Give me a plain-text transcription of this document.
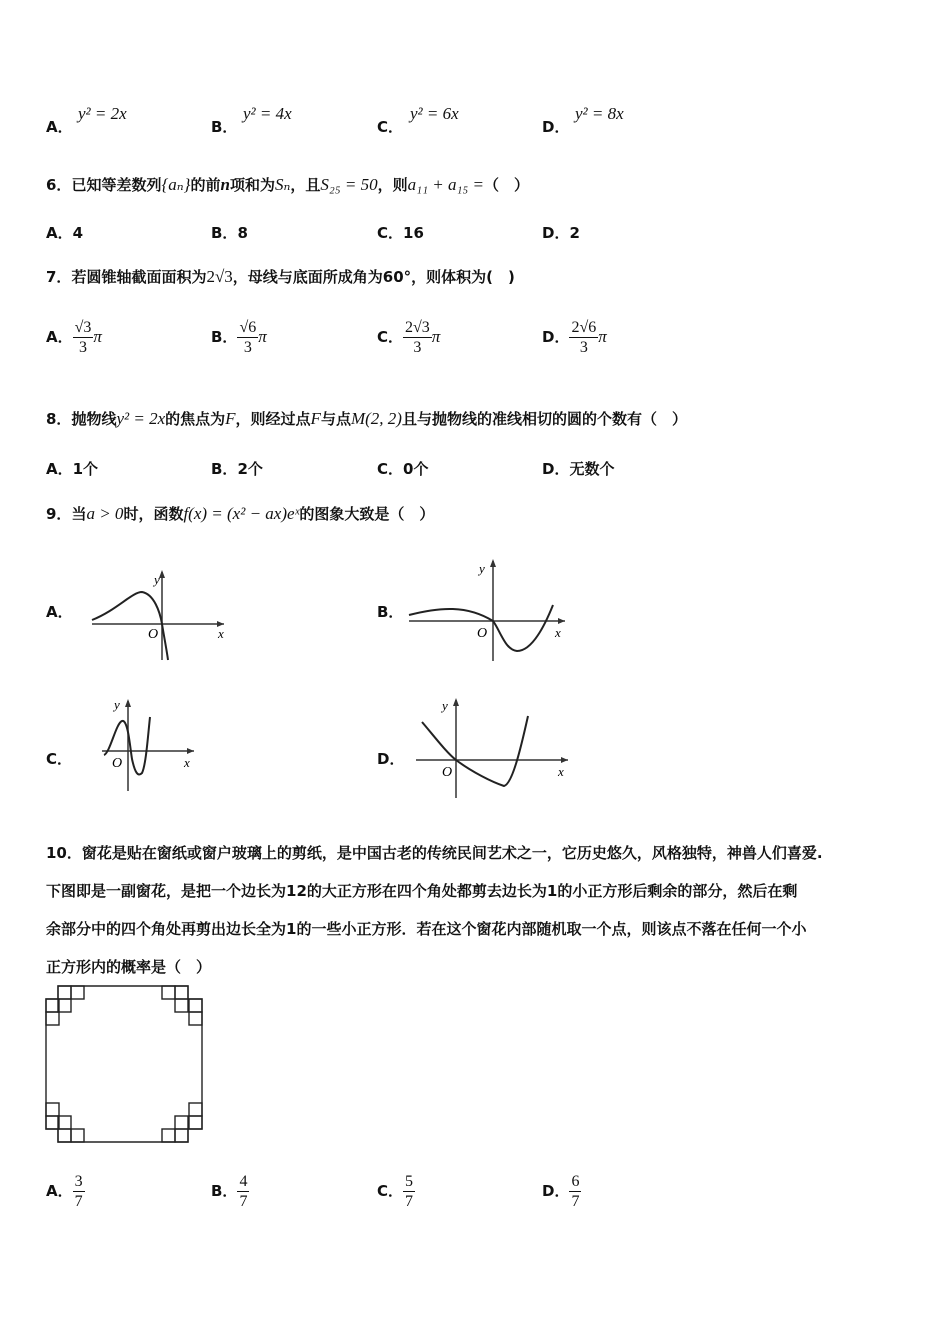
A．
y² = 2x
B．
y² = 4x
C．
y² = 6x
D．
y² = 8x
6．已知等差数列{aₙ}的前n项和为Sₙ，且S₂₅ = 50，则a₁₁ + a₁₅ =（　）
A．4	B．8	C．16	D．2
7．若圆锥轴截面面积为2√3，母线与底面所成角为60°，则体积为(　)
A． $\frac{√3}{3}$ π	B． $\frac{√6}{3}$ π	C． $\frac{2√3}{3}$ π	D． $\frac{2√6}{3}$ π
8．抛物线y² = 2x的焦点为F，则经过点F与点M(2, 2)且与抛物线的准线相切的圆的个数有（　）
A．1个	B．2个	C．0个	D．无数个
9．当a > 0时，函数f(x) = (x² − ax)eˣ的图象大致是（　）
A．
y
x
O
B．
y
x
O
C．
y
x
O	D．
y
x
O
10．窗花是贴在窗纸或窗户玻璃上的剪纸，是中国古老的传统民间艺术之一，它历史悠久，风格独特，神兽人们喜爱.
下图即是一副窗花，是把一个边长为12的大正方形在四个角处都剪去边长为1的小正方形后剩余的部分，然后在剩
余部分中的四个角处再剪出边长全为1的一些小正方形．若在这个窗花内部随机取一个点，则该点不落在任何一个小
正方形内的概率是（　）
A． $\frac{3}{7}$	B． $\frac{4}{7}$	C． $\frac{5}{7}$	D． $\frac{6}{7}$
